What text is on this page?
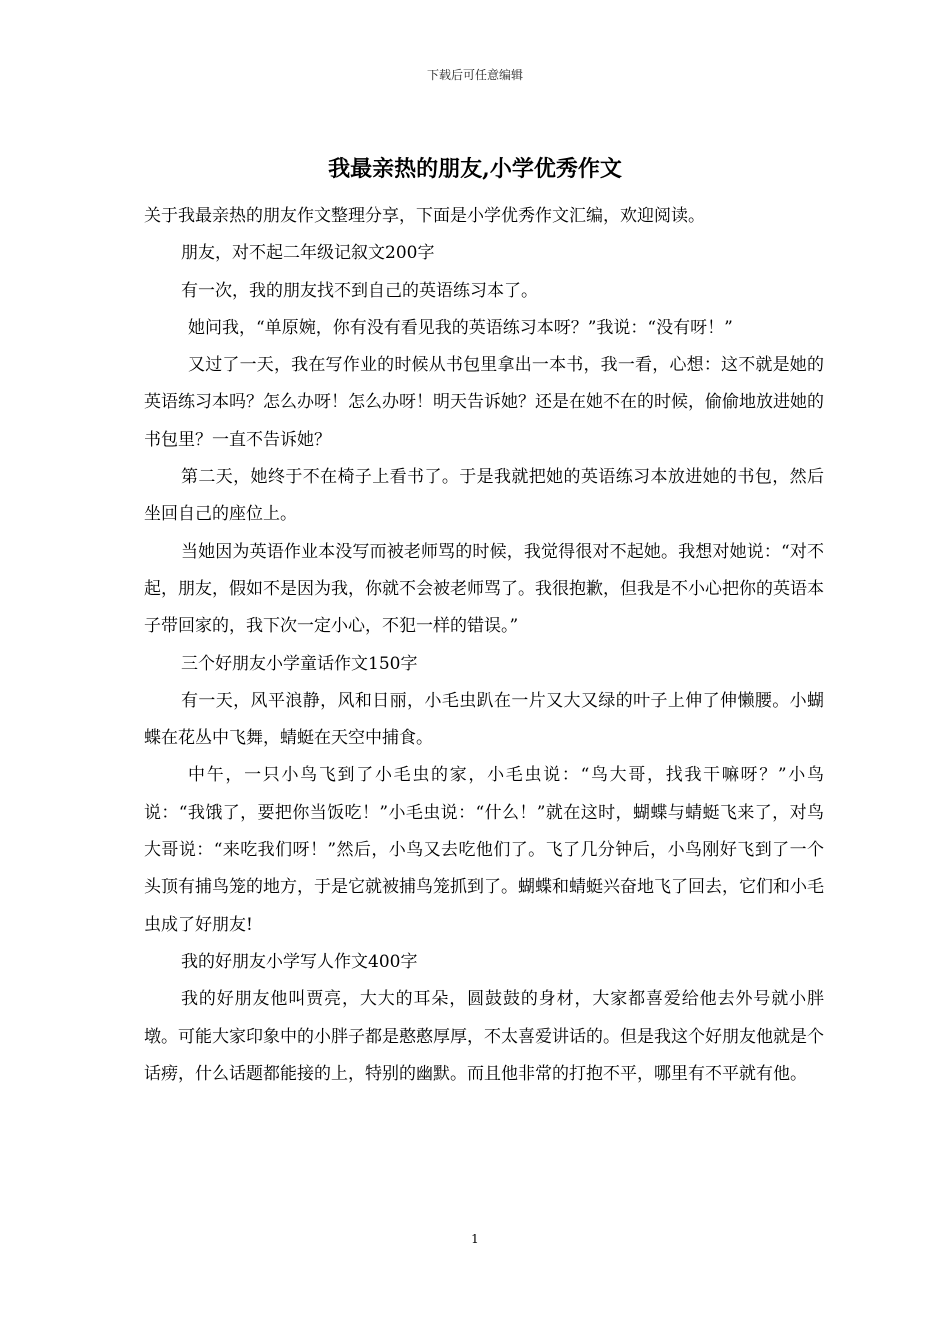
下载后可任意编辑
我最亲热的朋友,小学优秀作文

关于我最亲热的朋友作文整理分享，下面是小学优秀作文汇编，欢迎阅读。

朋友，对不起二年级记叙文200字

有一次，我的朋友找不到自己的英语练习本了。

她问我，“单原婉，你有没有看见我的英语练习本呀？”我说：“没有呀！”

又过了一天，我在写作业的时候从书包里拿出一本书，我一看，心想：这不就是她的英语练习本吗？怎么办呀！怎么办呀！明天告诉她？还是在她不在的时候，偷偷地放进她的书包里？一直不告诉她？

第二天，她终于不在椅子上看书了。于是我就把她的英语练习本放进她的书包，然后坐回自己的座位上。

当她因为英语作业本没写而被老师骂的时候，我觉得很对不起她。我想对她说：“对不起，朋友，假如不是因为我，你就不会被老师骂了。我很抱歉，但我是不小心把你的英语本子带回家的，我下次一定小心，不犯一样的错误。”

三个好朋友小学童话作文150字

有一天，风平浪静，风和日丽，小毛虫趴在一片又大又绿的叶子上伸了伸懒腰。小蝴蝶在花丛中飞舞，蜻蜓在天空中捕食。

中午，一只小鸟飞到了小毛虫的家，小毛虫说：“鸟大哥，找我干嘛呀？”小鸟说：“我饿了，要把你当饭吃！”小毛虫说：“什么！”就在这时，蝴蝶与蜻蜓飞来了，对鸟大哥说：“来吃我们呀！”然后，小鸟又去吃他们了。飞了几分钟后，小鸟刚好飞到了一个头顶有捕鸟笼的地方，于是它就被捕鸟笼抓到了。蝴蝶和蜻蜓兴奋地飞了回去，它们和小毛虫成了好朋友!

我的好朋友小学写人作文400字

我的好朋友他叫贾亮，大大的耳朵，圆鼓鼓的身材，大家都喜爱给他去外号就小胖墩。可能大家印象中的小胖子都是憨憨厚厚，不太喜爱讲话的。但是我这个好朋友他就是个话痨，什么话题都能接的上，特别的幽默。而且他非常的打抱不平，哪里有不平就有他。

1
